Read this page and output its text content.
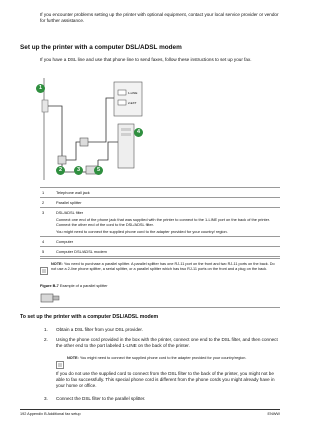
If you encounter problems setting up the printer with optional equipment, contact your local service provider or vendor for further assistance.
Set up the printer with a computer DSL/ADSL modem
If you have a DSL line and use that phone line to send faxes, follow these instructions to set up your fax.
1-LINE
2-EXT
1
2	3
4
5
1	Telephone wall jack
2	Parallel splitter
3	DSL/ADSL filter
Connect one end of the phone jack that was supplied with the printer to connect to the 1-LINE port on the back of the printer. Connect the other end of the cord to the DSL/ADSL filter.
You might need to connect the supplied phone cord to the adapter provided for your country/ region.

4	Computer
5	Computer DSL/ADSL modem
NOTE: You need to purchase a parallel splitter. A parallel splitter has one RJ-11 port on the front and two RJ-11 ports on the back. Do not use a 2-line phone splitter, a serial splitter, or a parallel splitter which has two RJ-11 ports on the front and a plug on the back.
Figure B-7 Example of a parallel splitter
To set up the printer with a computer DSL/ADSL modem
1. Obtain a DSL filter from your DSL provider.
2. Using the phone cord provided in the box with the printer, connect one end to the DSL filter, and then connect the other end to the port labeled 1-LINE on the back of the printer.
NOTE: You might need to connect the supplied phone cord to the adapter provided for your country/region.
If you do not use the supplied cord to connect from the DSL filter to the back of the printer, you might not be able to fax successfully. This special phone cord is different from the phone cords you might already have in your home or office.
3. Connect the DSL filter to the parallel splitter.
192 Appendix B Additional fax setup	ENWW
